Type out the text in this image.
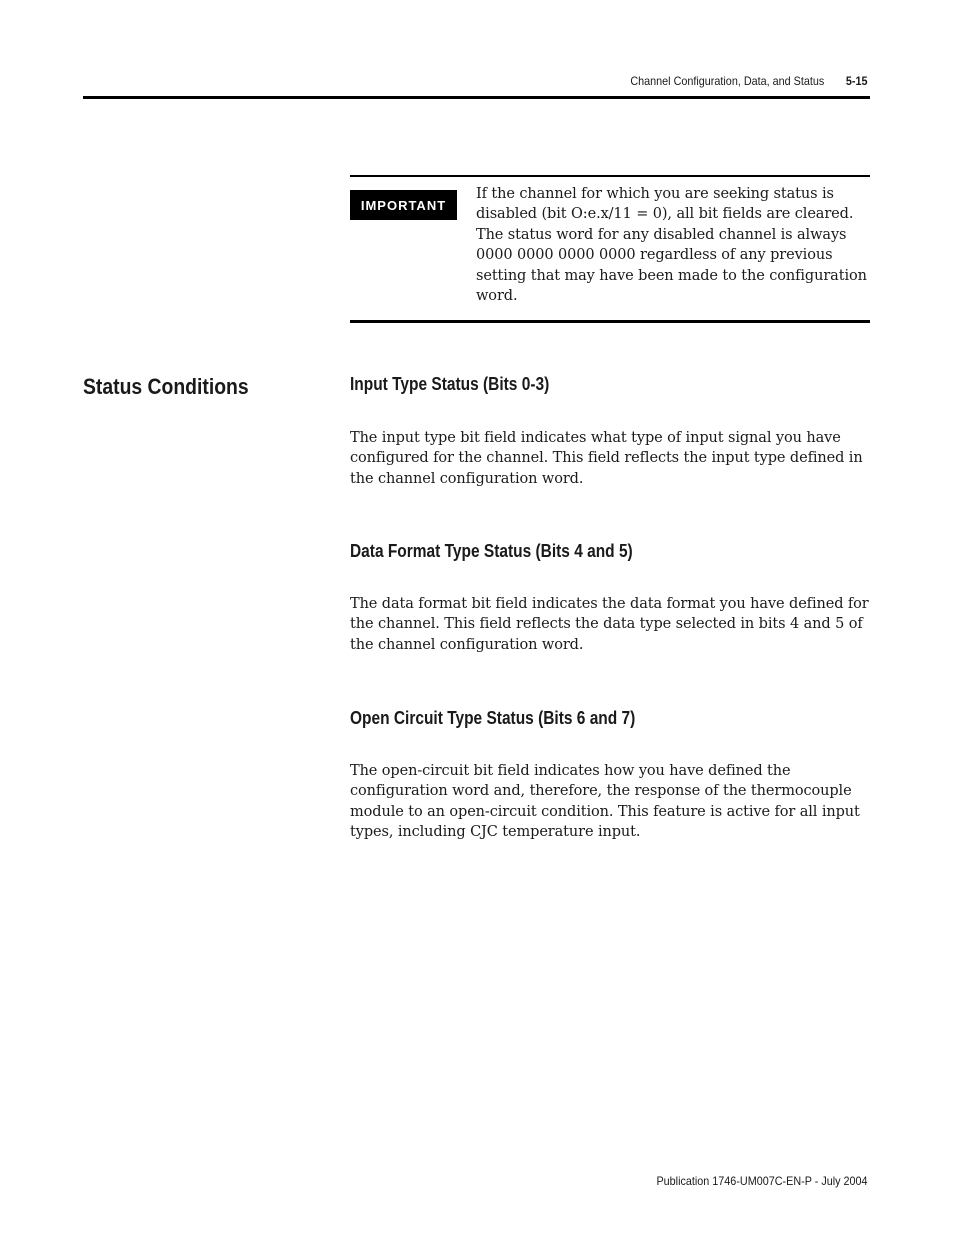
Channel Configuration, Data, and Status 5-15
IMPORTANT

If the channel for which you are seeking status is disabled (bit O:e.x/11 = 0), all bit fields are cleared. The status word for any disabled channel is always 0000 0000 0000 0000 regardless of any previous setting that may have been made to the configuration word.

Status Conditions	Input Type Status (Bits 0-3)

The input type bit field indicates what type of input signal you have configured for the channel. This field reflects the input type defined in the channel configuration word.

Data Format Type Status (Bits 4 and 5)

The data format bit field indicates the data format you have defined for the channel. This field reflects the data type selected in bits 4 and 5 of the channel configuration word.

Open Circuit Type Status (Bits 6 and 7)

The open-circuit bit field indicates how you have defined the configuration word and, therefore, the response of the thermocouple module to an open-circuit condition. This feature is active for all input types, including CJC temperature input.

Publication 1746-UM007C-EN-P - July 2004
